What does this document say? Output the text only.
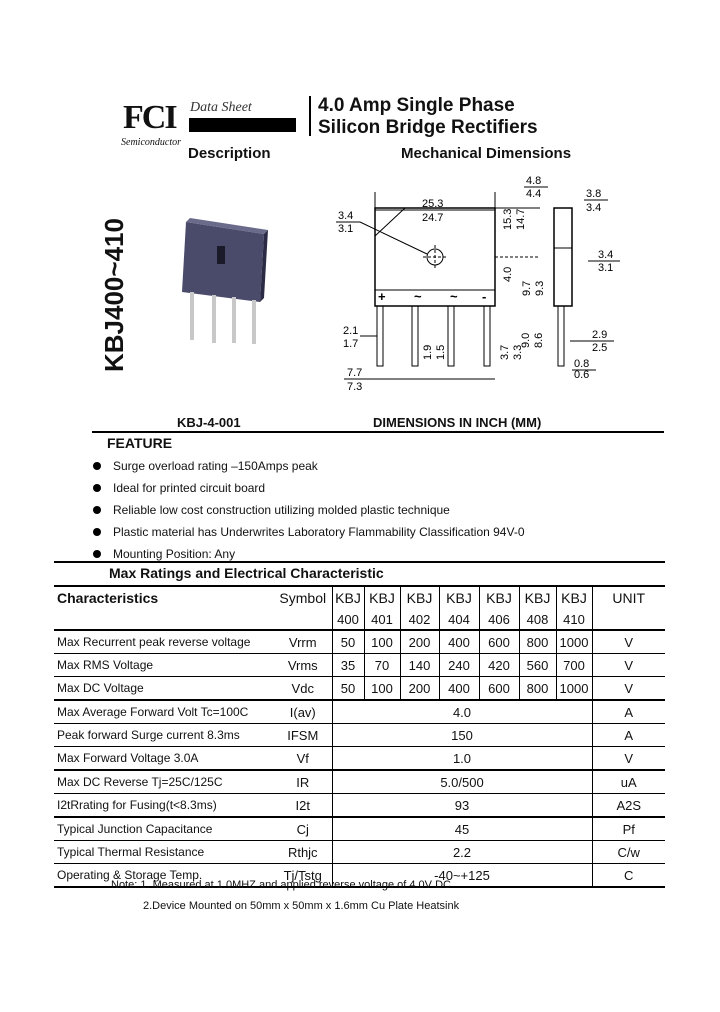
FCI
Semiconductor
Data Sheet	4.0 Amp Single Phase
Silicon Bridge Rectifiers
Description	Mechanical Dimensions
KBJ400~410	+ ~ ~ -
25.3
24.7
3.4
3.1	15.3 14.7
4.0
9.7 9.3
3.7 3.3
9.0 8.6
1.9 1.5
2.1
1.7
7.7
7.3
4.8
4.4	3.8
3.4
3.4
3.1
2.9
2.5
0.8
0.6
KBJ-4-001	DIMENSIONS IN INCH (MM)
FEATURE
Surge overload rating –150Amps peak
Ideal for printed circuit board
Reliable low cost construction utilizing molded plastic technique
Plastic material has Underwrites Laboratory Flammability Classification 94V-0
Mounting Position: Any
Max Ratings and Electrical Characteristic
Characteristics	Symbol	KBJ	KBJ	KBJ	KBJ	KBJ	KBJ	KBJ	UNIT
		400	401	402	404	406	408	410	
Max Recurrent peak reverse voltage	Vrrm	50	100	200	400	600	800	1000	V
Max RMS Voltage	Vrms	35	70	140	240	420	560	700	V
Max DC Voltage	Vdc	50	100	200	400	600	800	1000	V
Max Average Forward Volt Tc=100C	I(av)	4.0							A
Peak forward Surge current 8.3ms	IFSM	150							A
Max Forward Voltage 3.0A	Vf	1.0							V
Max DC Reverse Tj=25C/125C	IR	5.0/500							uA
I2tRrating for Fusing(t<8.3ms)	I2t	93							A2S
Typical Junction Capacitance	Cj	45							Pf
Typical Thermal Resistance	Rthjc	2.2							C/w
Operating & Storage Temp.	Tj/Tstg	-40~+125							C
Note: 1. Measured at 1.0MHZ and applied reverse voltage of 4.0V DC
2.Device Mounted on 50mm x 50mm x 1.6mm Cu Plate Heatsink
